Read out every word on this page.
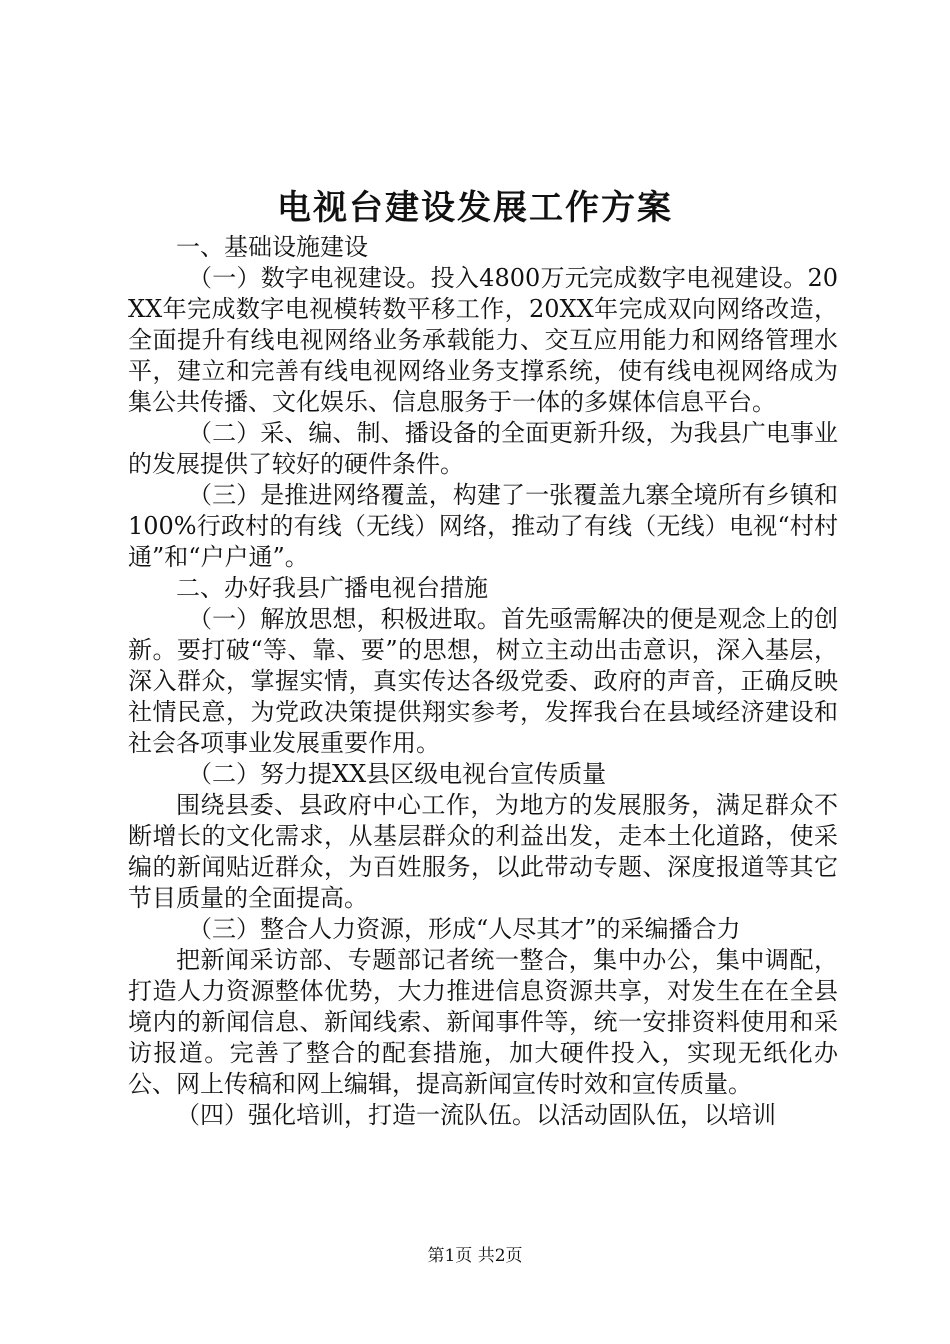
电视台建设发展工作方案

一、基础设施建设

（一）数字电视建设。投入4800万元完成数字电视建设。20XX年完成数字电视模转数平移工作，20XX年完成双向网络改造，全面提升有线电视网络业务承载能力、交互应用能力和网络管理水平，建立和完善有线电视网络业务支撑系统，使有线电视网络成为集公共传播、文化娱乐、信息服务于一体的多媒体信息平台。

（二）采、编、制、播设备的全面更新升级，为我县广电事业的发展提供了较好的硬件条件。

（三）是推进网络覆盖，构建了一张覆盖九寨全境所有乡镇和100%行政村的有线（无线）网络，推动了有线（无线）电视“村村通”和“户户通”。

二、办好我县广播电视台措施

（一）解放思想，积极进取。首先亟需解决的便是观念上的创新。要打破“等、靠、要”的思想，树立主动出击意识，深入基层，深入群众，掌握实情，真实传达各级党委、政府的声音，正确反映社情民意，为党政决策提供翔实参考，发挥我台在县域经济建设和社会各项事业发展重要作用。

（二）努力提XX县区级电视台宣传质量

围绕县委、县政府中心工作，为地方的发展服务，满足群众不断增长的文化需求，从基层群众的利益出发，走本土化道路，使采编的新闻贴近群众，为百姓服务，以此带动专题、深度报道等其它节目质量的全面提高。

（三）整合人力资源，形成“人尽其才”的采编播合力

把新闻采访部、专题部记者统一整合，集中办公，集中调配，打造人力资源整体优势，大力推进信息资源共享，对发生在在全县境内的新闻信息、新闻线索、新闻事件等，统一安排资料使用和采访报道。完善了整合的配套措施，加大硬件投入，实现无纸化办公、网上传稿和网上编辑，提高新闻宣传时效和宣传质量。

（四）强化培训，打造一流队伍。以活动固队伍，以培训

第1页 共2页
